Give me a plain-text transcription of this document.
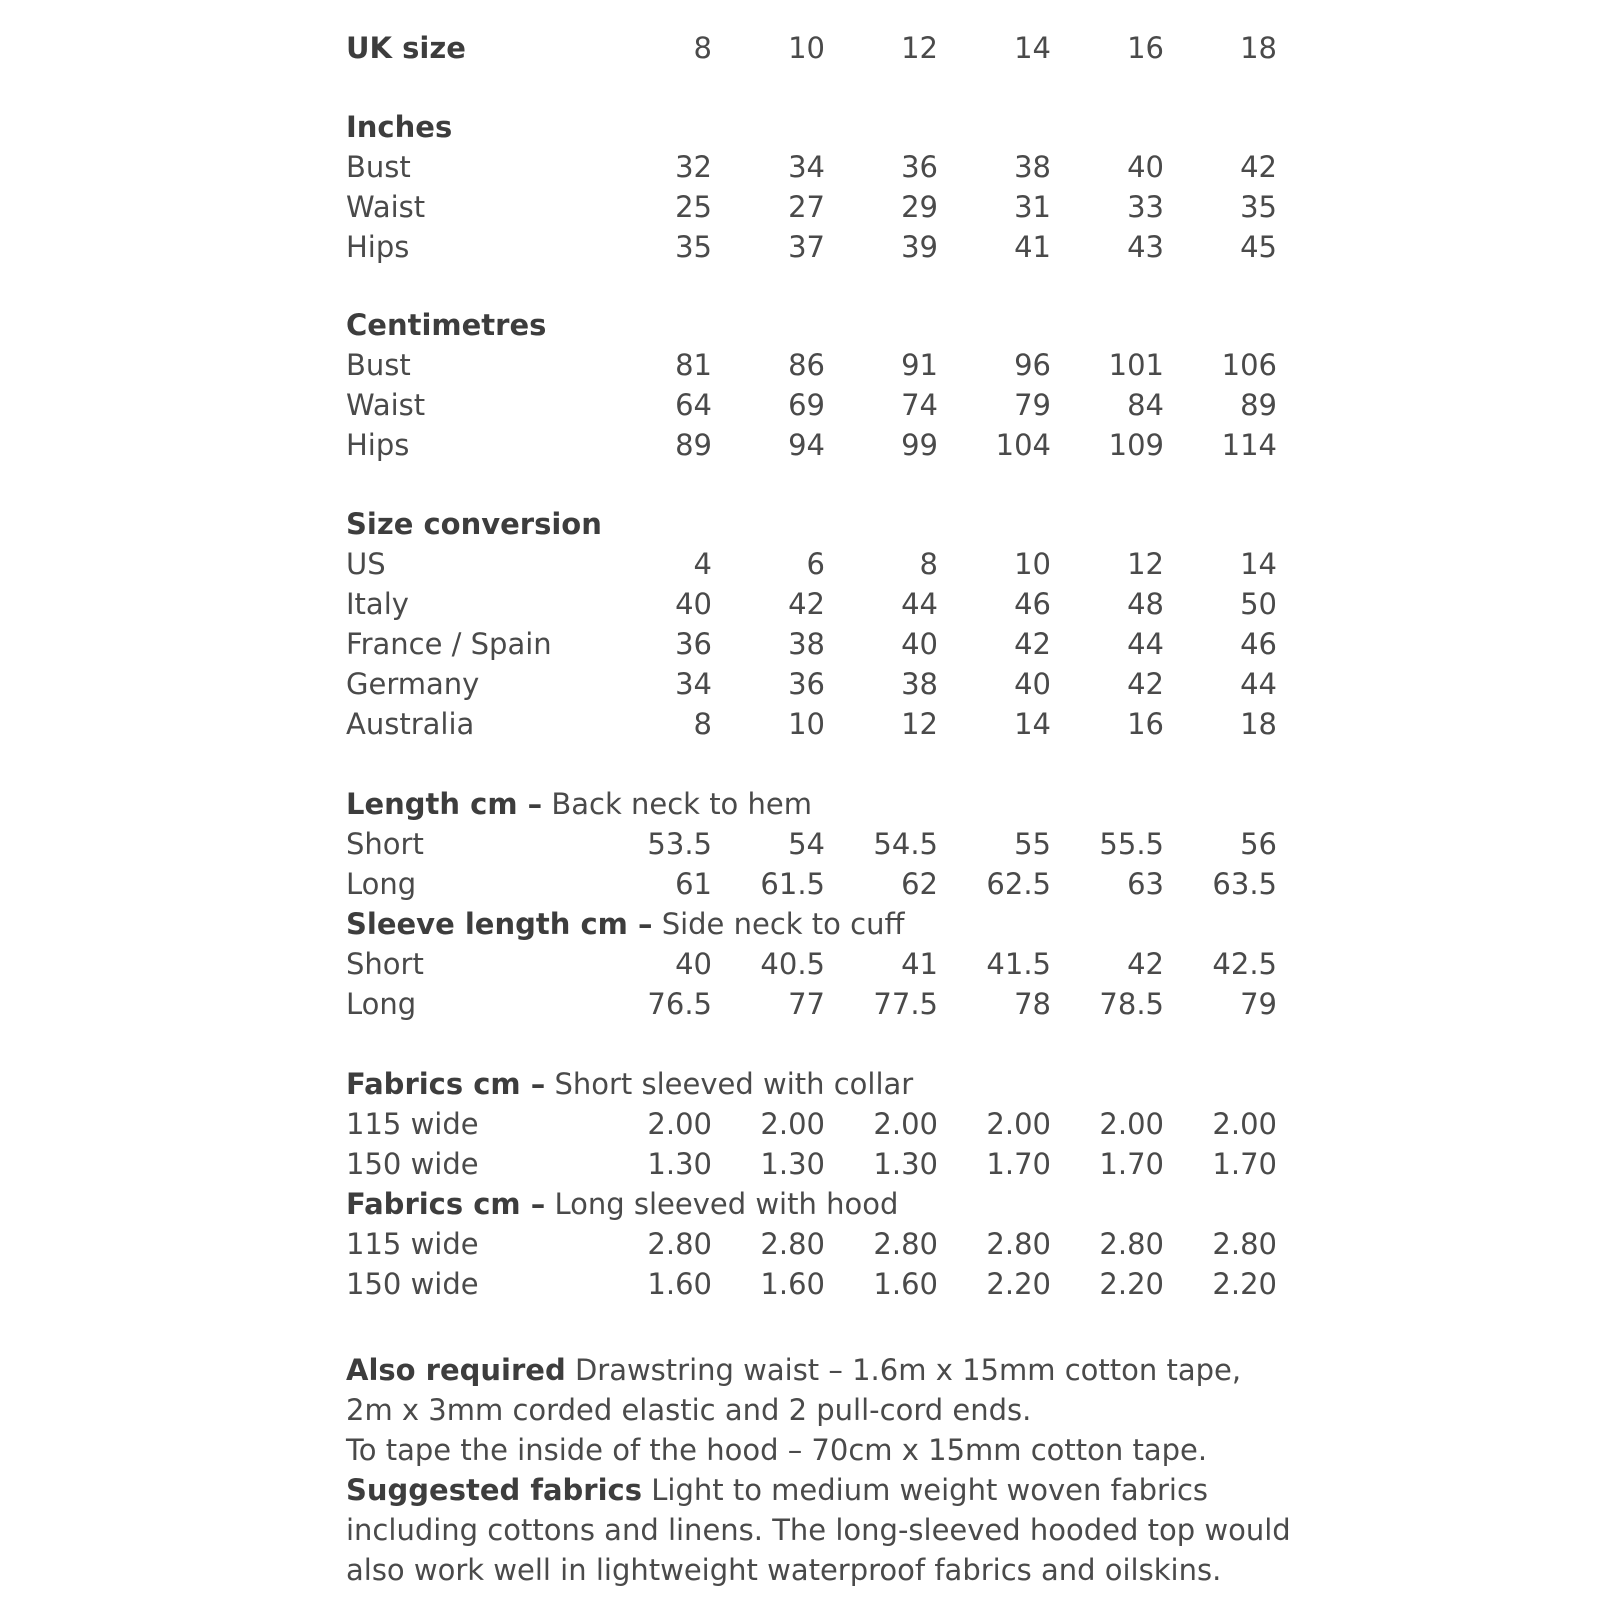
UK size	8	10	12	14	16	18
Inches
Bust	32	34	36	38	40	42
Waist	25	27	29	31	33	35
Hips	35	37	39	41	43	45
Centimetres
Bust	81	86	91	96	101	106
Waist	64	69	74	79	84	89
Hips	89	94	99	104	109	114
Size conversion
US	4	6	8	10	12	14
Italy	40	42	44	46	48	50
France / Spain	36	38	40	42	44	46
Germany	34	36	38	40	42	44
Australia	8	10	12	14	16	18
Length cm – Back neck to hem
Short	53.5	54	54.5	55	55.5	56
Long	61	61.5	62	62.5	63	63.5
Sleeve length cm – Side neck to cuff
Short	40	40.5	41	41.5	42	42.5
Long	76.5	77	77.5	78	78.5	79
Fabrics cm – Short sleeved with collar
115 wide	2.00	2.00	2.00	2.00	2.00	2.00
150 wide	1.30	1.30	1.30	1.70	1.70	1.70
Fabrics cm – Long sleeved with hood
115 wide	2.80	2.80	2.80	2.80	2.80	2.80
150 wide	1.60	1.60	1.60	2.20	2.20	2.20
Also required Drawstring waist – 1.6m x 15mm cotton tape,
2m x 3mm corded elastic and 2 pull-cord ends.
To tape the inside of the hood – 70cm x 15mm cotton tape.
Suggested fabrics Light to medium weight woven fabrics
including cottons and linens. The long-sleeved hooded top would
also work well in lightweight waterproof fabrics and oilskins.
